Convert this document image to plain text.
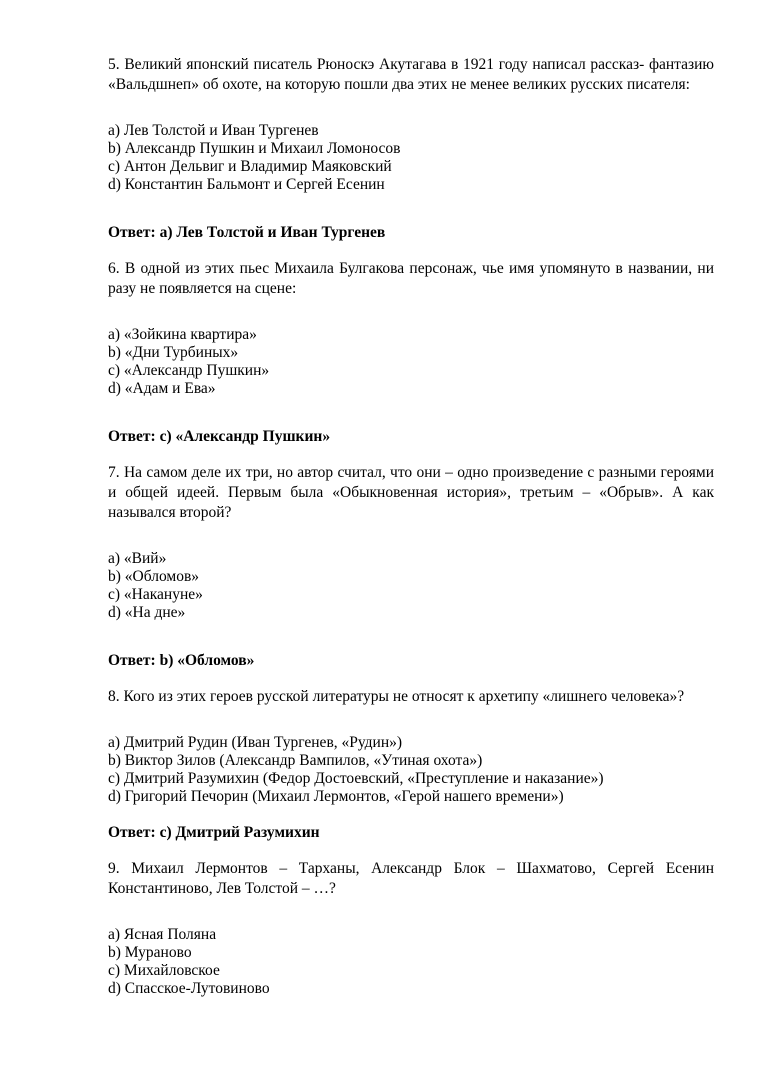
5. Великий японский писатель Рюноскэ Акутагава в 1921 году написал рассказ- фантазию «Вальдшнеп» об охоте, на которую пошли два этих не менее великих русских писателя:

a) Лев Толстой и Иван Тургенев

b) Александр Пушкин и Михаил Ломоносов

c) Антон Дельвиг и Владимир Маяковский

d) Константин Бальмонт и Сергей Есенин

Ответ: a) Лев Толстой и Иван Тургенев

6. В одной из этих пьес Михаила Булгакова персонаж, чье имя упомянуто в названии, ни разу не появляется на сцене:

a) «Зойкина квартира»

b) «Дни Турбиных»

c) «Александр Пушкин»

d) «Адам и Ева»

Ответ: c) «Александр Пушкин»

7. На самом деле их три, но автор считал, что они – одно произведение с разными героями и общей идеей. Первым была «Обыкновенная история», третьим – «Обрыв». А как назывался второй?

a) «Вий»

b) «Обломов»

c) «Накануне»

d) «На дне»

Ответ: b) «Обломов»

8. Кого из этих героев русской литературы не относят к архетипу «лишнего человека»?

a) Дмитрий Рудин (Иван Тургенев, «Рудин»)

b) Виктор Зилов (Александр Вампилов, «Утиная охота»)

c) Дмитрий Разумихин (Федор Достоевский, «Преступление и наказание»)

d) Григорий Печорин (Михаил Лермонтов, «Герой нашего времени»)

Ответ: c) Дмитрий Разумихин

9. Михаил Лермонтов – Тарханы, Александр Блок – Шахматово, Сергей Есенин Константиново, Лев Толстой – …?

a) Ясная Поляна

b) Мураново

c) Михайловское

d) Спасское-Лутовиново
